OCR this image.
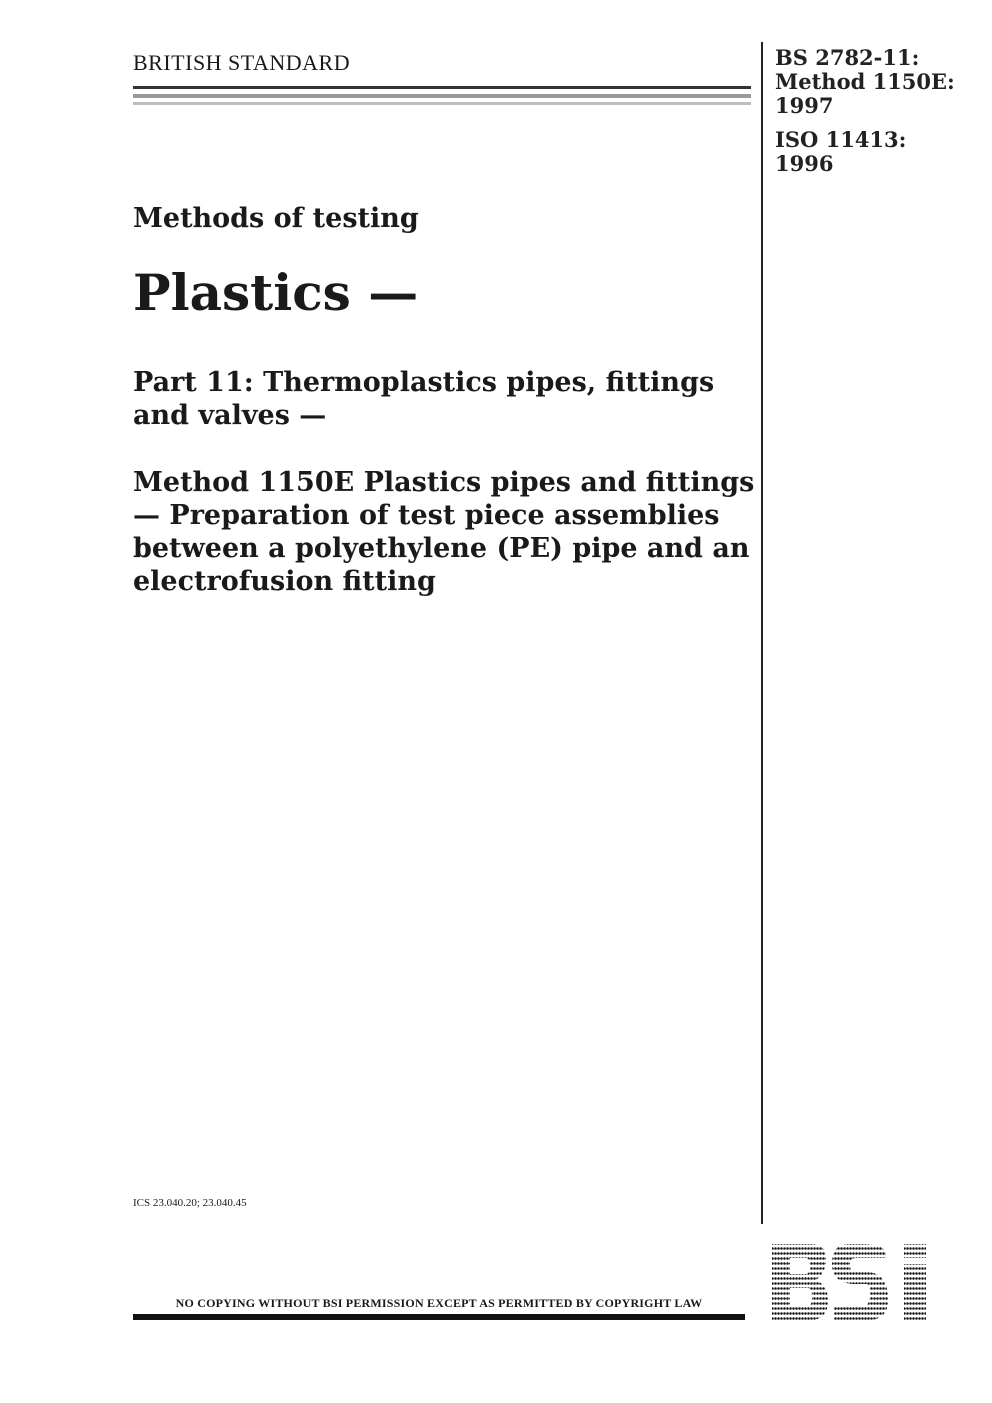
BRITISH STANDARD	BS 2782-11:
Method 1150E:
1997
ISO 11413:
1996
Methods of testing
Plastics —
Part 11: Thermoplastics pipes, fittings and valves —
Method 1150E Plastics pipes and fittings — Preparation of test piece assemblies between a polyethylene (PE) pipe and an electrofusion fitting
ICS 23.040.20; 23.040.45
NO COPYING WITHOUT BSI PERMISSION EXCEPT AS PERMITTED BY COPYRIGHT LAW
